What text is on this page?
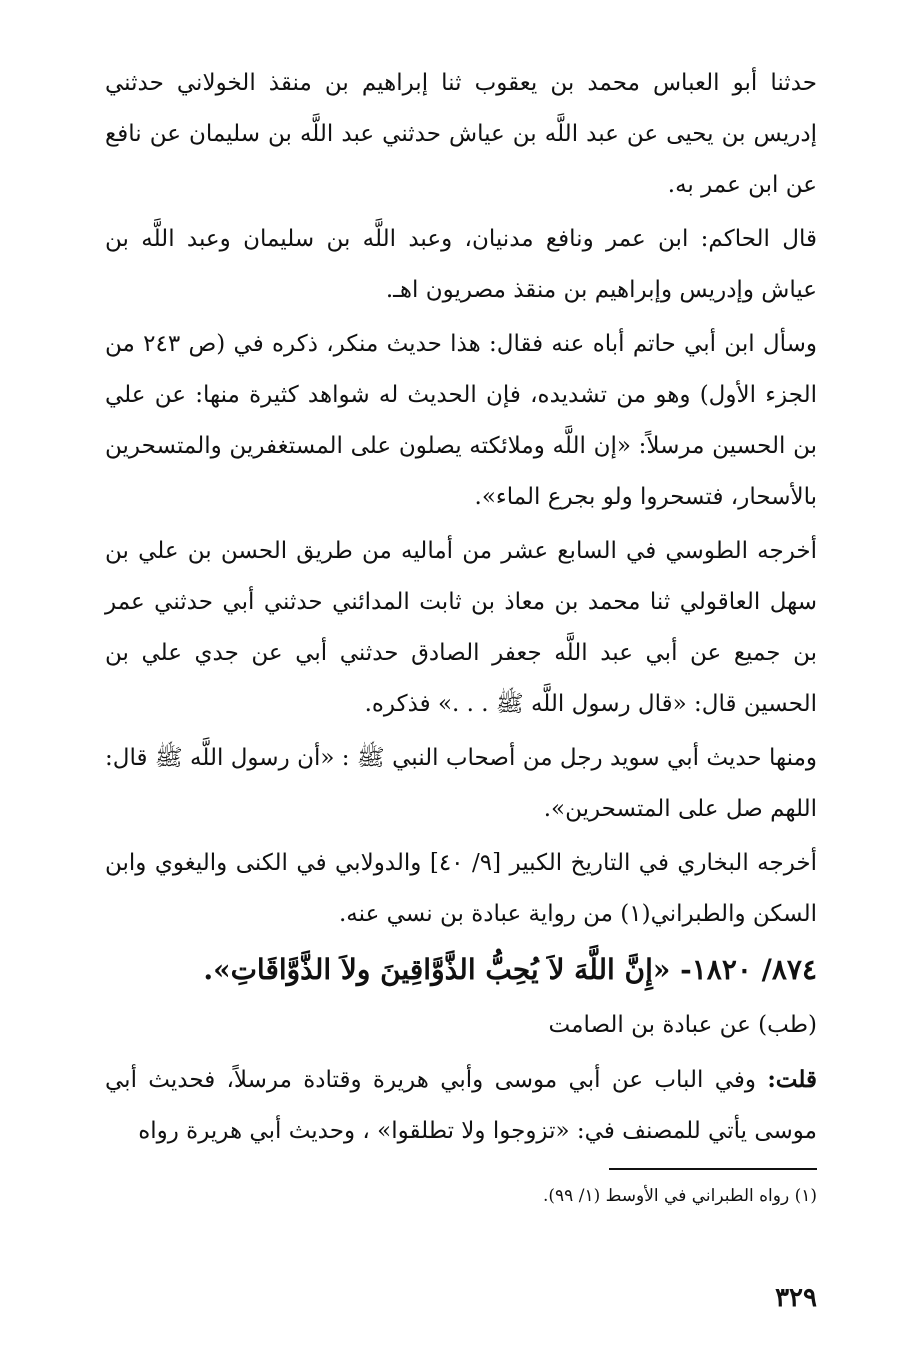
حدثنا أبو العباس محمد بن يعقوب ثنا إبراهيم بن منقذ الخولاني حدثني إدريس بن يحيى عن عبد اللَّه بن عياش حدثني عبد اللَّه بن سليمان عن نافع عن ابن عمر به.

قال الحاكم: ابن عمر ونافع مدنيان، وعبد اللَّه بن سليمان وعبد اللَّه بن عياش وإدريس وإبراهيم بن منقذ مصريون اهـ.

وسأل ابن أبي حاتم أباه عنه فقال: هذا حديث منكر، ذكره في (ص ٢٤٣ من الجزء الأول) وهو من تشديده، فإن الحديث له شواهد كثيرة منها: عن علي بن الحسين مرسلاً: «إن اللَّه وملائكته يصلون على المستغفرين والمتسحرين بالأسحار، فتسحروا ولو بجرع الماء».

أخرجه الطوسي في السابع عشر من أماليه من طريق الحسن بن علي بن سهل العاقولي ثنا محمد بن معاذ بن ثابت المدائني حدثني أبي حدثني عمر بن جميع عن أبي عبد اللَّه جعفر الصادق حدثني أبي عن جدي علي بن الحسين قال: «قال رسول اللَّه ﷺ . . .» فذكره.

ومنها حديث أبي سويد رجل من أصحاب النبي ﷺ : «أن رسول اللَّه ﷺ قال: اللهم صل على المتسحرين».

أخرجه البخاري في التاريخ الكبير [٩/ ٤٠] والدولابي في الكنى واليغوي وابن السكن والطبراني(١) من رواية عبادة بن نسي عنه.

٨٧٤/ ١٨٢٠- «إِنَّ اللَّهَ لاَ يُحِبُّ الذَّوَّاقِينَ ولاَ الذَّوَّاقَاتِ».

(طب) عن عبادة بن الصامت

قلت: وفي الباب عن أبي موسى وأبي هريرة وقتادة مرسلاً، فحديث أبي موسى يأتي للمصنف في: «تزوجوا ولا تطلقوا» ، وحديث أبي هريرة رواه

(١) رواه الطبراني في الأوسط (١/ ٩٩).
٣٢٩
